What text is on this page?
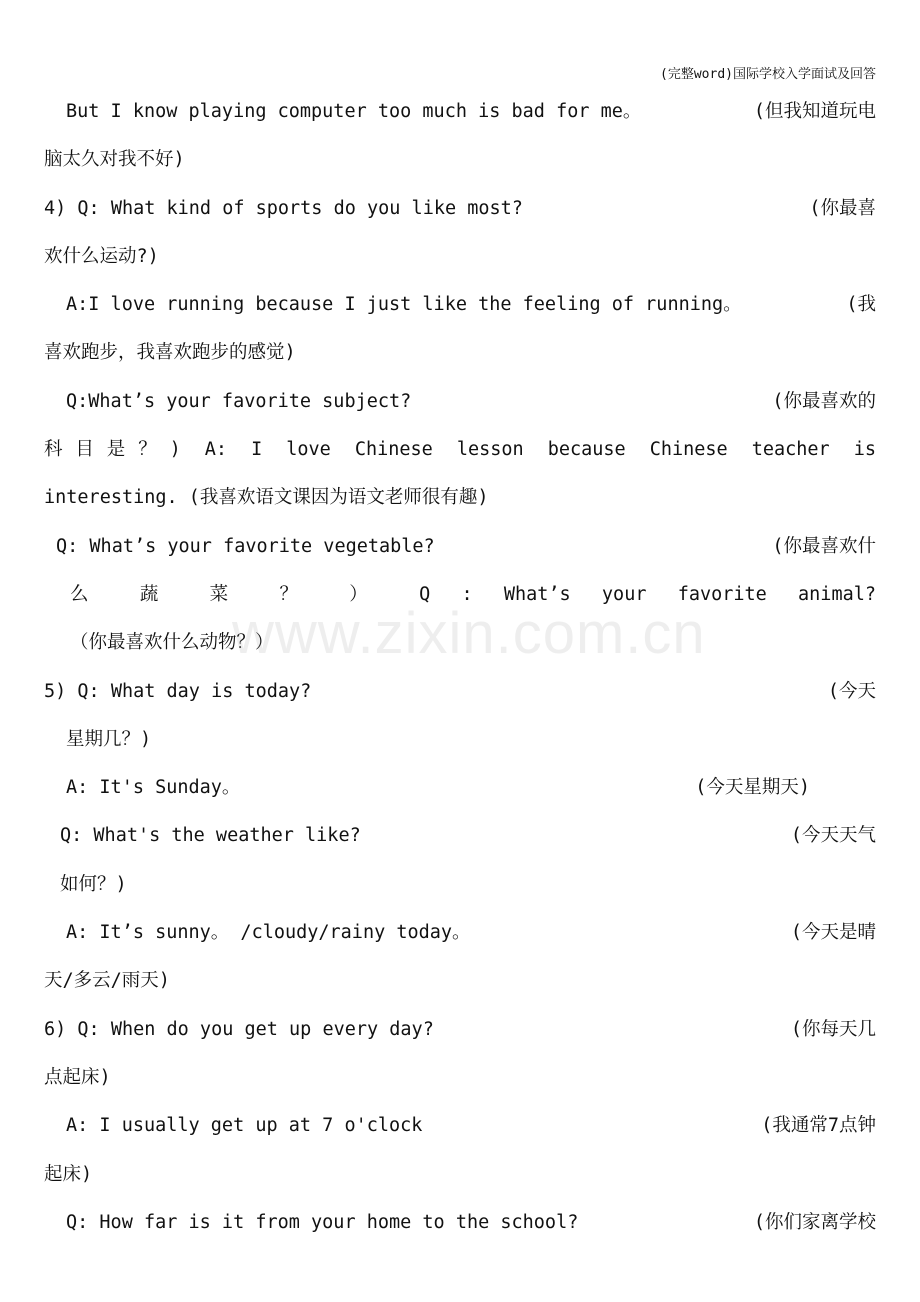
(完整word)国际学校入学面试及回答
But I know playing computer too much is bad for me。	(但我知道玩电
脑太久对我不好)
4) Q: What kind of sports do you like most?	(你最喜
欢什么运动?)
A:I love running because I just like the feeling of running。	(我
喜欢跑步，我喜欢跑步的感觉)
Q:What’s your favorite subject?	(你最喜欢的
科目是？) A: I love Chinese lesson because Chinese teacher is
interesting. (我喜欢语文课因为语文老师很有趣)
Q: What’s your favorite vegetable?	(你最喜欢什
么 蔬 菜 ？ ） Q : What’s your favorite animal?
（你最喜欢什么动物？）
5) Q: What day is today?	(今天
星期几？)
A: It's Sunday。	(今天星期天)
Q: What's the weather like?	(今天天气
如何？)
A: It’s sunny。 /cloudy/rainy today。	(今天是晴
天/多云/雨天)
6) Q: When do you get up every day?	(你每天几
点起床)
A: I usually get up at 7 o'clock	(我通常7点钟
起床)
Q: How far is it from your home to the school?	(你们家离学校
www.zixin.com.cn
